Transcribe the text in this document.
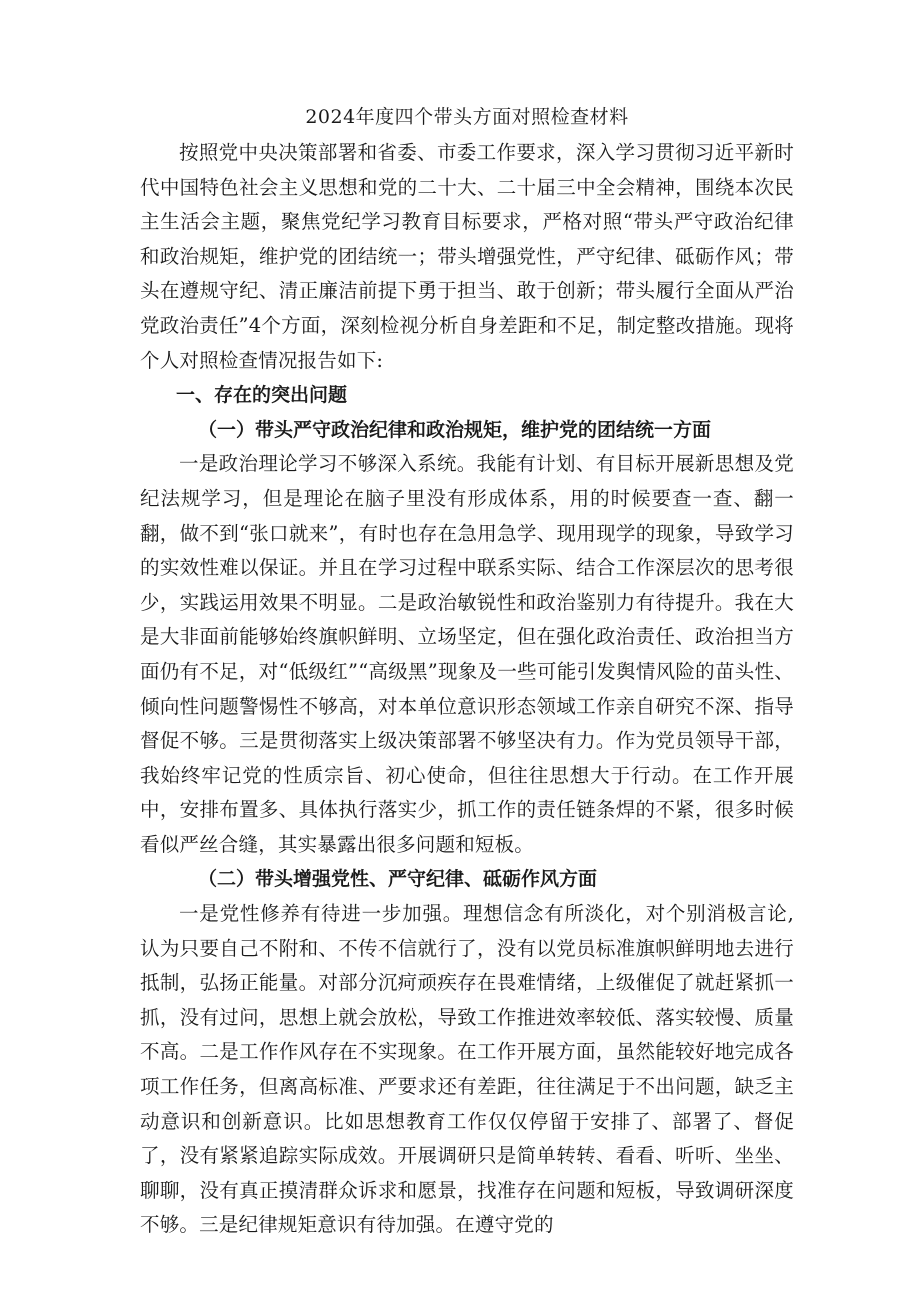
2024年度四个带头方面对照检查材料

按照党中央决策部署和省委、市委工作要求，深入学习贯彻习近平新时代中国特色社会主义思想和党的二十大、二十届三中全会精神，围绕本次民主生活会主题，聚焦党纪学习教育目标要求，严格对照“带头严守政治纪律和政治规矩，维护党的团结统一；带头增强党性，严守纪律、砥砺作风；带头在遵规守纪、清正廉洁前提下勇于担当、敢于创新；带头履行全面从严治党政治责任”4个方面，深刻检视分析自身差距和不足，制定整改措施。现将个人对照检查情况报告如下:

一、存在的突出问题

（一）带头严守政治纪律和政治规矩，维护党的团结统一方面

一是政治理论学习不够深入系统。我能有计划、有目标开展新思想及党纪法规学习，但是理论在脑子里没有形成体系，用的时候要查一查、翻一翻，做不到“张口就来”，有时也存在急用急学、现用现学的现象，导致学习的实效性难以保证。并且在学习过程中联系实际、结合工作深层次的思考很少，实践运用效果不明显。二是政治敏锐性和政治鉴别力有待提升。我在大是大非面前能够始终旗帜鲜明、立场坚定，但在强化政治责任、政治担当方面仍有不足，对“低级红”“高级黑”现象及一些可能引发舆情风险的苗头性、倾向性问题警惕性不够高，对本单位意识形态领域工作亲自研究不深、指导督促不够。三是贯彻落实上级决策部署不够坚决有力。作为党员领导干部，我始终牢记党的性质宗旨、初心使命，但往往思想大于行动。在工作开展中，安排布置多、具体执行落实少，抓工作的责任链条焊的不紧，很多时候看似严丝合缝，其实暴露出很多问题和短板。

（二）带头增强党性、严守纪律、砥砺作风方面

一是党性修养有待进一步加强。理想信念有所淡化，对个别消极言论,认为只要自己不附和、不传不信就行了，没有以党员标准旗帜鲜明地去进行抵制，弘扬正能量。对部分沉疴顽疾存在畏难情绪，上级催促了就赶紧抓一抓，没有过问，思想上就会放松，导致工作推进效率较低、落实较慢、质量不高。二是工作作风存在不实现象。在工作开展方面，虽然能较好地完成各项工作任务，但离高标准、严要求还有差距，往往满足于不出问题，缺乏主动意识和创新意识。比如思想教育工作仅仅停留于安排了、部署了、督促了，没有紧紧追踪实际成效。开展调研只是简单转转、看看、听听、坐坐、聊聊，没有真正摸清群众诉求和愿景，找准存在问题和短板，导致调研深度不够。三是纪律规矩意识有待加强。在遵守党的
